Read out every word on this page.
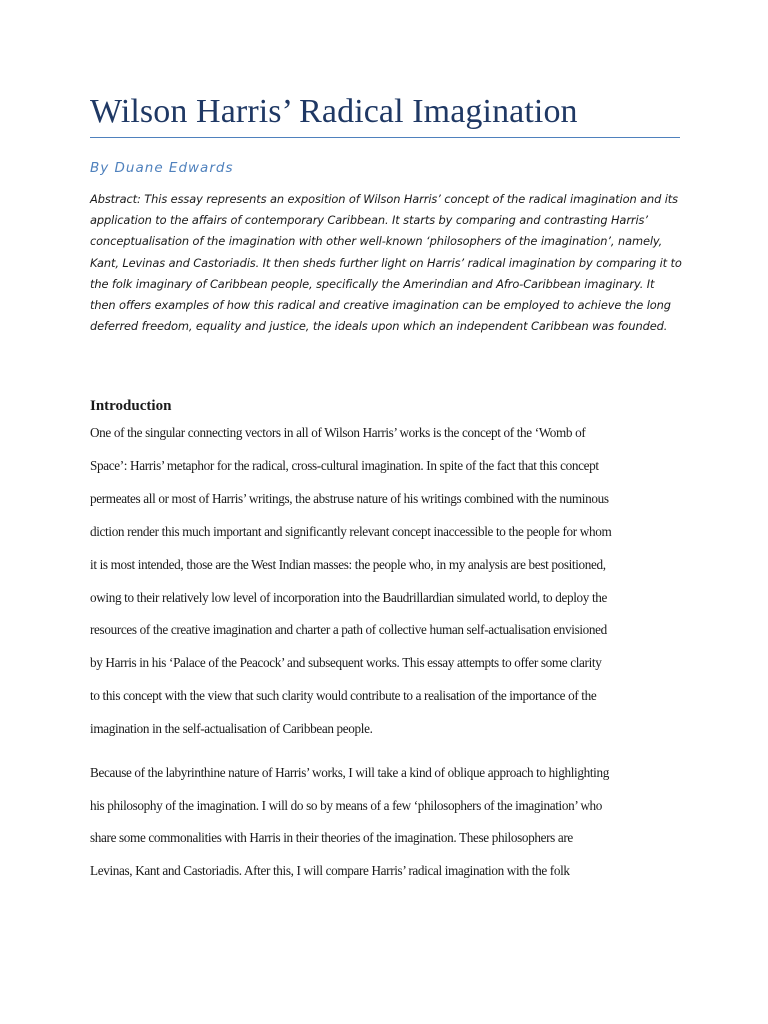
Wilson Harris’ Radical Imagination
By Duane Edwards

Abstract: This essay represents an exposition of Wilson Harris’ concept of the radical imagination and its
application to the affairs of contemporary Caribbean. It starts by comparing and contrasting Harris’
conceptualisation of the imagination with other well-known ‘philosophers of the imagination’, namely,
Kant, Levinas and Castoriadis. It then sheds further light on Harris’ radical imagination by comparing it to
the folk imaginary of Caribbean people, specifically the Amerindian and Afro-Caribbean imaginary. It
then offers examples of how this radical and creative imagination can be employed to achieve the long
deferred freedom, equality and justice, the ideals upon which an independent Caribbean was founded.

Introduction

One of the singular connecting vectors in all of Wilson Harris’ works is the concept of the ‘Womb of
Space’: Harris’ metaphor for the radical, cross-cultural imagination. In spite of the fact that this concept
permeates all or most of Harris’ writings, the abstruse nature of his writings combined with the numinous
diction render this much important and significantly relevant concept inaccessible to the people for whom
it is most intended, those are the West Indian masses: the people who, in my analysis are best positioned,
owing to their relatively low level of incorporation into the Baudrillardian simulated world, to deploy the
resources of the creative imagination and charter a path of collective human self-actualisation envisioned
by Harris in his ‘Palace of the Peacock’ and subsequent works. This essay attempts to offer some clarity
to this concept with the view that such clarity would contribute to a realisation of the importance of the
imagination in the self-actualisation of Caribbean people.

Because of the labyrinthine nature of Harris’ works, I will take a kind of oblique approach to highlighting
his philosophy of the imagination. I will do so by means of a few ‘philosophers of the imagination’ who
share some commonalities with Harris in their theories of the imagination. These philosophers are
Levinas, Kant and Castoriadis. After this, I will compare Harris’ radical imagination with the folk
